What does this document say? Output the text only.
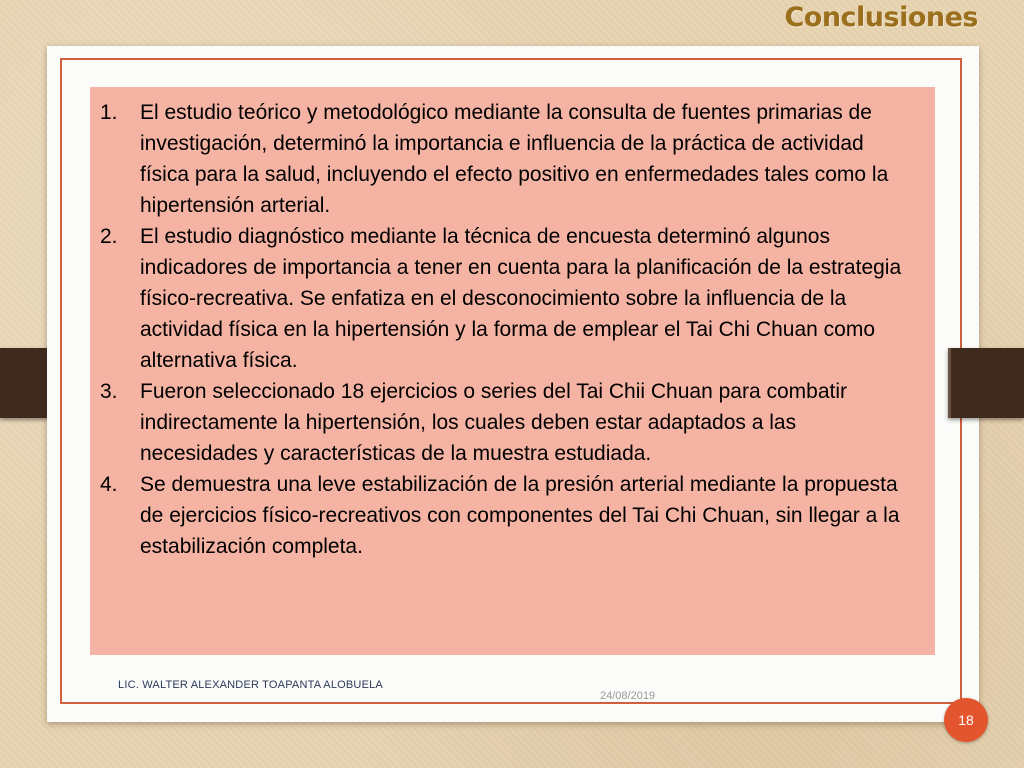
Conclusiones
1.	El estudio teórico y metodológico mediante la consulta de fuentes primarias de investigación, determinó la importancia e influencia de la práctica de actividad física para la salud, incluyendo el efecto positivo en enfermedades tales como la hipertensión arterial.
2.	El estudio diagnóstico mediante la técnica de encuesta determinó algunos indicadores de importancia a tener en cuenta para la planificación de la estrategia físico-recreativa. Se enfatiza en el desconocimiento sobre la influencia de la actividad física en la hipertensión y la forma de emplear el Tai Chi Chuan como alternativa física.
3.	Fueron seleccionado 18 ejercicios o series del Tai Chii Chuan para combatir indirectamente la hipertensión, los cuales deben estar adaptados a las necesidades y características de la muestra estudiada.
4.	Se demuestra una leve estabilización de la presión arterial mediante la propuesta de ejercicios físico-recreativos con componentes del Tai Chi Chuan, sin llegar a la estabilización completa.
LIC. WALTER ALEXANDER TOAPANTA ALOBUELA
24/08/2019
18
